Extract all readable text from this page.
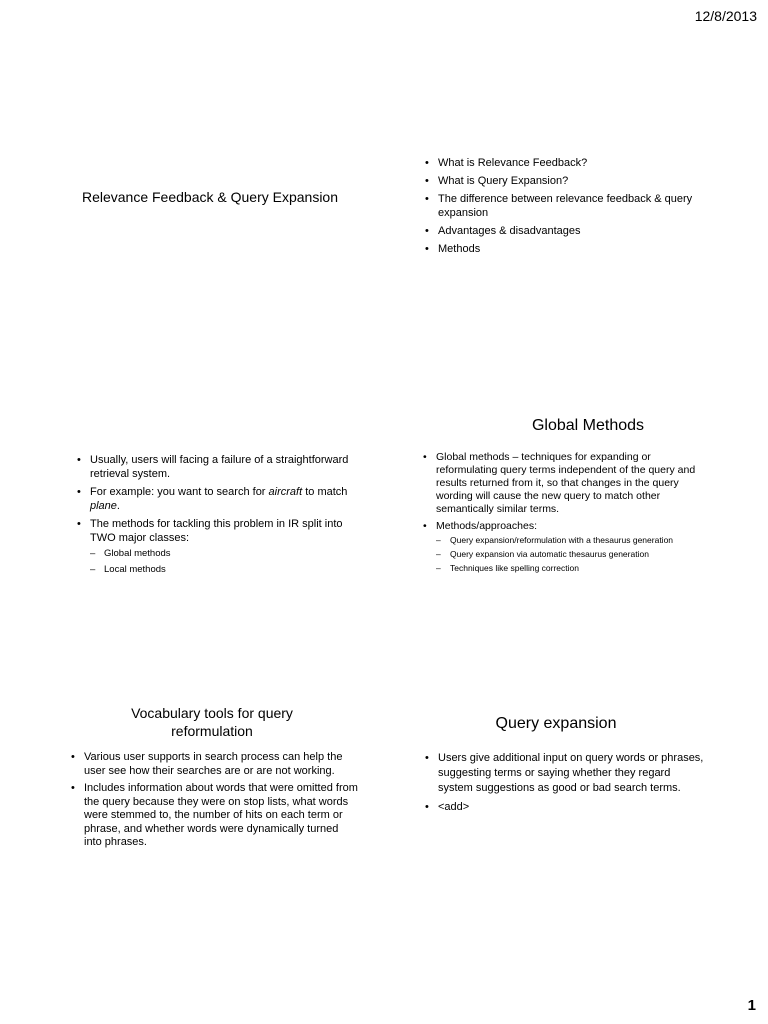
12/8/2013
Relevance Feedback & Query Expansion
• What is Relevance Feedback?
• What is Query Expansion?
• The difference between relevance feedback & query expansion
• Advantages & disadvantages
• Methods
• Usually, users will facing a failure of a straightforward retrieval system.
• For example: you want to search for aircraft to match plane.
• The methods for tackling this problem in IR split into TWO major classes:
– Global methods
– Local methods
Global Methods
• Global methods – techniques for expanding or reformulating query terms independent of the query and results returned from it, so that changes in the query wording will cause the new query to match other semantically similar terms.
• Methods/approaches:
– Query expansion/reformulation with a thesaurus generation
– Query expansion via automatic thesaurus generation
– Techniques like spelling correction
Vocabulary tools for query reformulation
• Various user supports in search process can help the user see how their searches are or are not working.
• Includes information about words that were omitted from the query because they were on stop lists, what words were stemmed to, the number of hits on each term or phrase, and whether words were dynamically turned into phrases.
Query expansion
• Users give additional input on query words or phrases, suggesting terms or saying whether they regard system suggestions as good or bad search terms.
• <add>
1
